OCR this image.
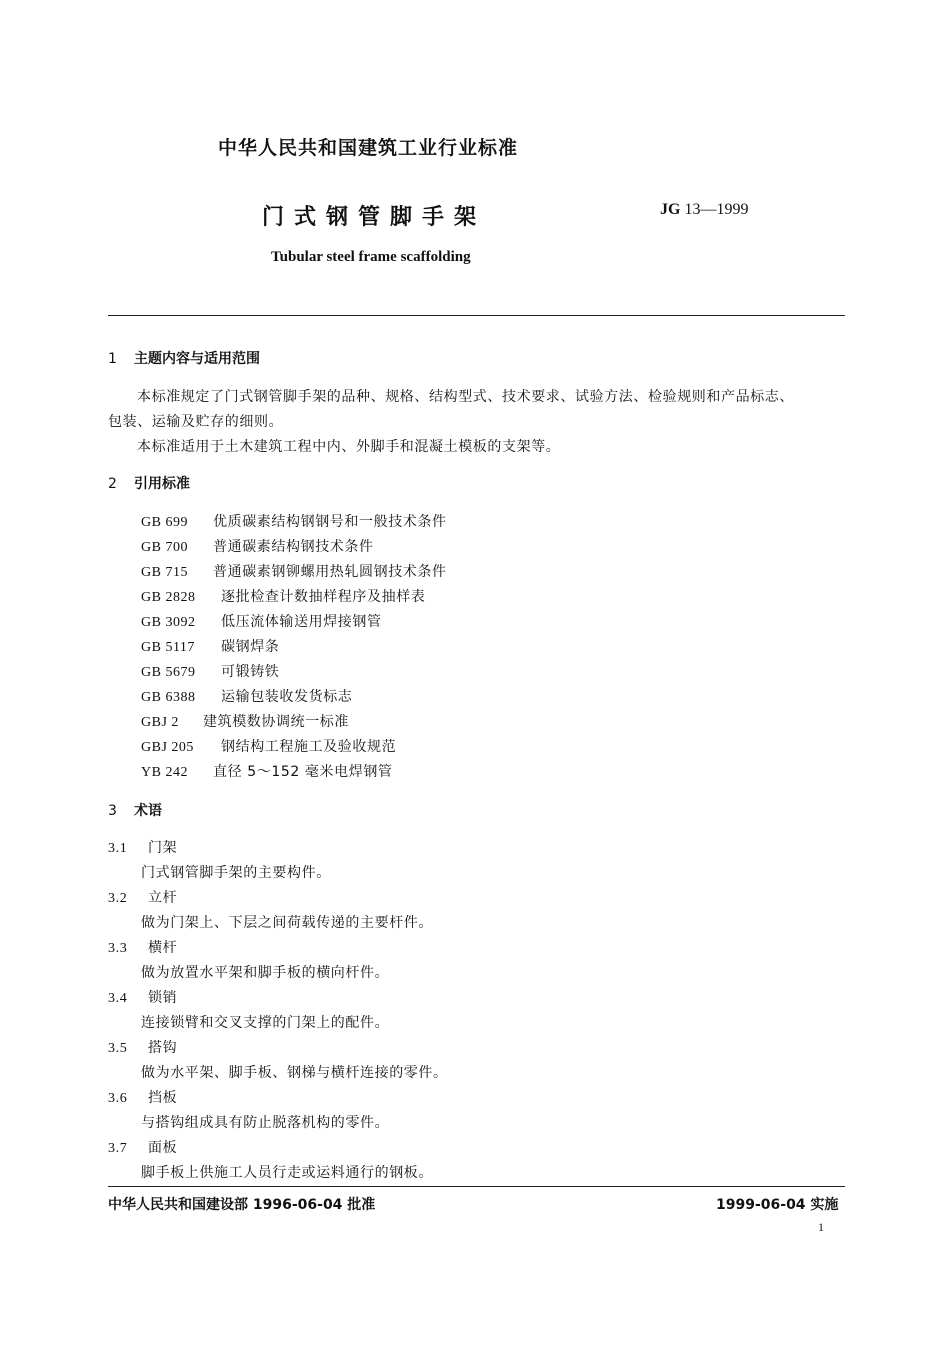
中华人民共和国建筑工业行业标准
门式钢管脚手架	JG 13—1999
Tubular steel frame scaffolding
1 主题内容与适用范围
本标准规定了门式钢管脚手架的品种、规格、结构型式、技术要求、试验方法、检验规则和产品标志、
包装、运输及贮存的细则。
本标准适用于土木建筑工程中内、外脚手和混凝土模板的支架等。
2 引用标准
GB 699 优质碳素结构钢钢号和一般技术条件
GB 700 普通碳素结构钢技术条件
GB 715 普通碳素钢铆螺用热轧圆钢技术条件
GB 2828 逐批检查计数抽样程序及抽样表
GB 3092 低压流体输送用焊接钢管
GB 5117 碳钢焊条
GB 5679 可锻铸铁
GB 6388 运输包装收发货标志
GBJ 2 建筑模数协调统一标准
GBJ 205 钢结构工程施工及验收规范
YB 242 直径 5～152 毫米电焊钢管
3 术语
3.1 门架
门式钢管脚手架的主要构件。
3.2 立杆
做为门架上、下层之间荷载传递的主要杆件。
3.3 横杆
做为放置水平架和脚手板的横向杆件。
3.4 锁销
连接锁臂和交叉支撑的门架上的配件。
3.5 搭钩
做为水平架、脚手板、钢梯与横杆连接的零件。
3.6 挡板
与搭钩组成具有防止脱落机构的零件。
3.7 面板
脚手板上供施工人员行走或运料通行的钢板。
中华人民共和国建设部 1996-06-04 批准	1999-06-04 实施
1
